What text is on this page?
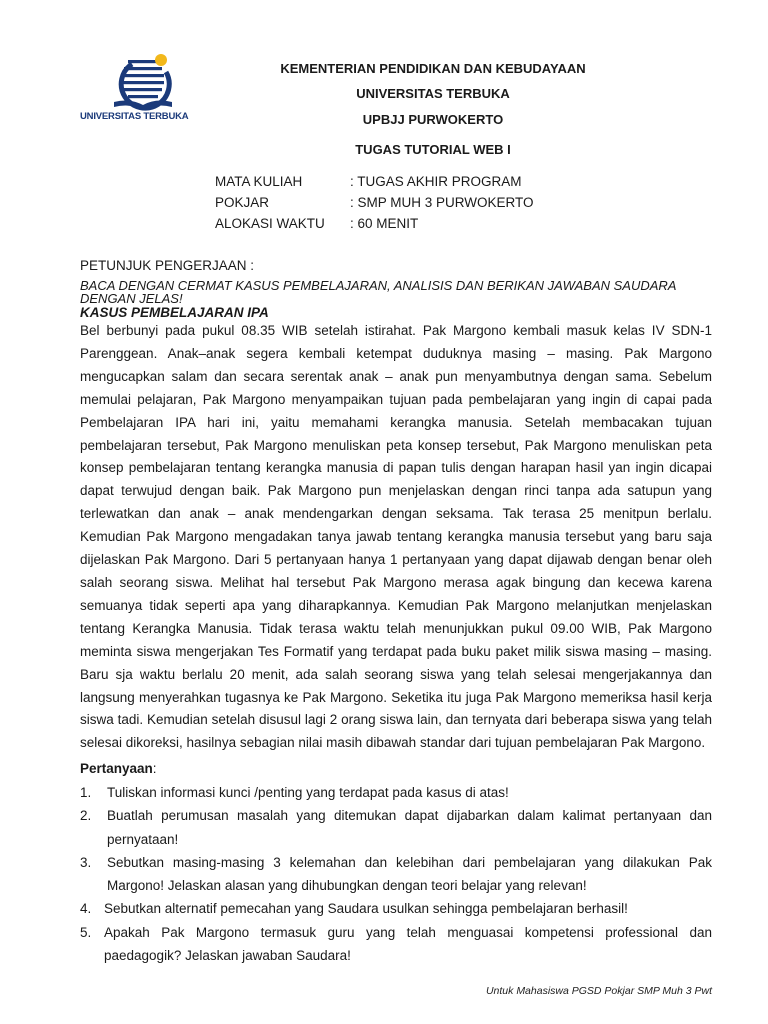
UNIVERSITAS TERBUKA
KEMENTERIAN PENDIDIKAN DAN KEBUDAYAAN
UNIVERSITAS TERBUKA
UPBJJ PURWOKERTO
TUGAS TUTORIAL WEB I
MATA KULIAH	: TUGAS AKHIR PROGRAM
POKJAR	: SMP MUH 3 PURWOKERTO
ALOKASI WAKTU	: 60 MENIT
PETUNJUK PENGERJAAN :
BACA DENGAN CERMAT KASUS PEMBELAJARAN, ANALISIS DAN BERIKAN JAWABAN SAUDARA DENGAN JELAS!
KASUS PEMBELAJARAN IPA
Bel berbunyi pada pukul 08.35 WIB setelah istirahat. Pak Margono kembali masuk kelas IV SDN-1 Parenggean. Anak–anak segera kembali ketempat duduknya masing – masing. Pak Margono mengucapkan salam dan secara serentak anak – anak pun menyambutnya dengan sama. Sebelum memulai pelajaran, Pak Margono menyampaikan tujuan pada pembelajaran yang ingin di capai pada Pembelajaran IPA hari ini, yaitu memahami kerangka manusia. Setelah membacakan tujuan pembelajaran tersebut, Pak Margono menuliskan peta konsep tersebut, Pak Margono menuliskan peta konsep pembelajaran tentang kerangka manusia di papan tulis dengan harapan hasil yan ingin dicapai dapat terwujud dengan baik. Pak Margono pun menjelaskan dengan rinci tanpa ada satupun yang terlewatkan dan anak – anak mendengarkan dengan seksama. Tak terasa 25 menitpun berlalu. Kemudian Pak Margono mengadakan tanya jawab tentang kerangka manusia tersebut yang baru saja dijelaskan Pak Margono. Dari 5 pertanyaan hanya 1 pertanyaan yang dapat dijawab dengan benar oleh salah seorang siswa. Melihat hal tersebut Pak Margono merasa agak bingung dan kecewa karena semuanya tidak seperti apa yang diharapkannya. Kemudian Pak Margono melanjutkan menjelaskan tentang Kerangka Manusia. Tidak terasa waktu telah menunjukkan pukul 09.00 WIB, Pak Margono meminta siswa mengerjakan Tes Formatif yang terdapat pada buku paket milik siswa masing – masing. Baru sja waktu berlalu 20 menit, ada salah seorang siswa yang telah selesai mengerjakannya dan langsung menyerahkan tugasnya ke Pak Margono. Seketika itu juga Pak Margono memeriksa hasil kerja siswa tadi. Kemudian setelah disusul lagi 2 orang siswa lain, dan ternyata dari beberapa siswa yang telah selesai dikoreksi, hasilnya sebagian nilai masih dibawah standar dari tujuan pembelajaran Pak Margono.
Pertanyaan:
1.	Tuliskan informasi kunci /penting yang terdapat pada kasus di atas!
2.	Buatlah perumusan masalah yang ditemukan dapat dijabarkan dalam kalimat pertanyaan dan pernyataan!
3.	Sebutkan masing-masing 3 kelemahan dan kelebihan dari pembelajaran yang dilakukan Pak Margono! Jelaskan alasan yang dihubungkan dengan teori belajar yang relevan!
4. Sebutkan alternatif pemecahan yang Saudara usulkan sehingga pembelajaran berhasil!
5. Apakah Pak Margono termasuk guru yang telah menguasai kompetensi professional dan paedagogik? Jelaskan jawaban Saudara!
Untuk Mahasiswa PGSD Pokjar SMP Muh 3 Pwt
